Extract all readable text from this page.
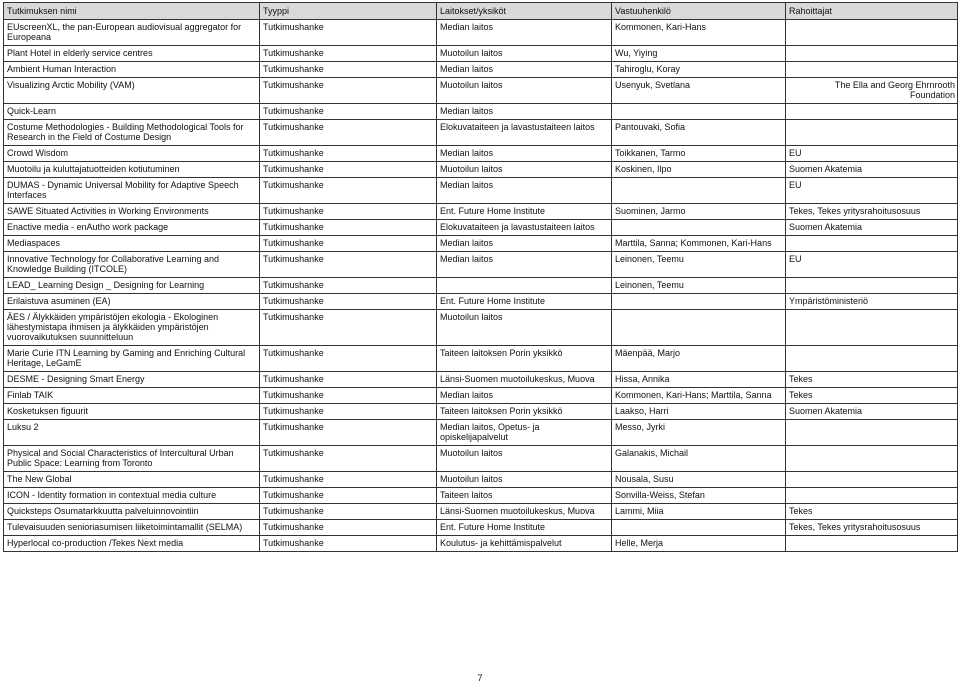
Tutkimuksen nimi	Tyyppi	Laitokset/yksiköt	Vastuuhenkilö	Rahoittajat
EUscreenXL, the pan-European audiovisual aggregator for Europeana	Tutkimushanke	Median laitos	Kommonen, Kari-Hans	
Plant Hotel in elderly service centres	Tutkimushanke	Muotoilun laitos	Wu, Yiying	
Ambient Human Interaction	Tutkimushanke	Median laitos	Tahiroglu, Koray	
Visualizing Arctic Mobility (VAM)	Tutkimushanke	Muotoilun laitos	Usenyuk, Svetlana	The Ella and Georg Ehrnrooth Foundation
Quick-Learn	Tutkimushanke	Median laitos		
Costume Methodologies - Building Methodological Tools for Research in the Field of Costume Design	Tutkimushanke	Elokuvataiteen ja lavastustaiteen laitos	Pantouvaki, Sofia	
Crowd Wisdom	Tutkimushanke	Median laitos	Toikkanen, Tarmo	EU
Muotoilu ja kuluttajatuotteiden kotiutuminen	Tutkimushanke	Muotoilun laitos	Koskinen, Ilpo	Suomen Akatemia
DUMAS - Dynamic Universal Mobility for Adaptive Speech Interfaces	Tutkimushanke	Median laitos		EU
SAWE Situated Activities in Working Environments	Tutkimushanke	Ent. Future Home Institute	Suominen, Jarmo	Tekes, Tekes yritysrahoitusosuus
Enactive media - enAutho work package	Tutkimushanke	Elokuvataiteen ja lavastustaiteen laitos		Suomen Akatemia
Mediaspaces	Tutkimushanke	Median laitos	Marttila, Sanna; Kommonen, Kari-Hans	
Innovative Technology for Collaborative Learning and Knowledge Building (ITCOLE)	Tutkimushanke	Median laitos	Leinonen, Teemu	EU
LEAD_ Learning Design _ Designing for Learning	Tutkimushanke		Leinonen, Teemu	
Erilaistuva asuminen (EA)	Tutkimushanke	Ent. Future Home Institute		Ympäristöministeriö
ÄES / Älykkäiden ympäristöjen ekologia - Ekologinen lähestymistapa ihmisen ja älykkäiden ympäristöjen vuorovaikutuksen suunnitteluun	Tutkimushanke	Muotoilun laitos		
Marie Curie ITN Learning by Gaming and Enriching Cultural Heritage, LeGamE	Tutkimushanke	Taiteen laitoksen Porin yksikkö	Mäenpää, Marjo	
DESME - Designing Smart Energy	Tutkimushanke	Länsi-Suomen muotoilukeskus, Muova	Hissa, Annika	Tekes
Finlab TAIK	Tutkimushanke	Median laitos	Kommonen, Kari-Hans; Marttila, Sanna	Tekes
Kosketuksen figuurit	Tutkimushanke	Taiteen laitoksen Porin yksikkö	Laakso, Harri	Suomen Akatemia
Luksu 2	Tutkimushanke	Median laitos, Opetus- ja opiskelijapalvelut	Messo, Jyrki	
Physical and Social Characteristics of Intercultural Urban Public Space: Learning from Toronto	Tutkimushanke	Muotoilun laitos	Galanakis, Michail	
The New Global	Tutkimushanke	Muotoilun laitos	Nousala, Susu	
ICON - Identity formation in contextual media culture	Tutkimushanke	Taiteen laitos	Sonvilla-Weiss, Stefan	
Quicksteps Osumatarkkuutta palveluinnovointiin	Tutkimushanke	Länsi-Suomen muotoilukeskus, Muova	Lammi, Miia	Tekes
Tulevaisuuden senioriasumisen liiketoimintamallit (SELMA)	Tutkimushanke	Ent. Future Home Institute		Tekes, Tekes yritysrahoitusosuus
Hyperlocal co-production /Tekes Next media	Tutkimushanke	Koulutus- ja kehittämispalvelut	Helle, Merja	
7
